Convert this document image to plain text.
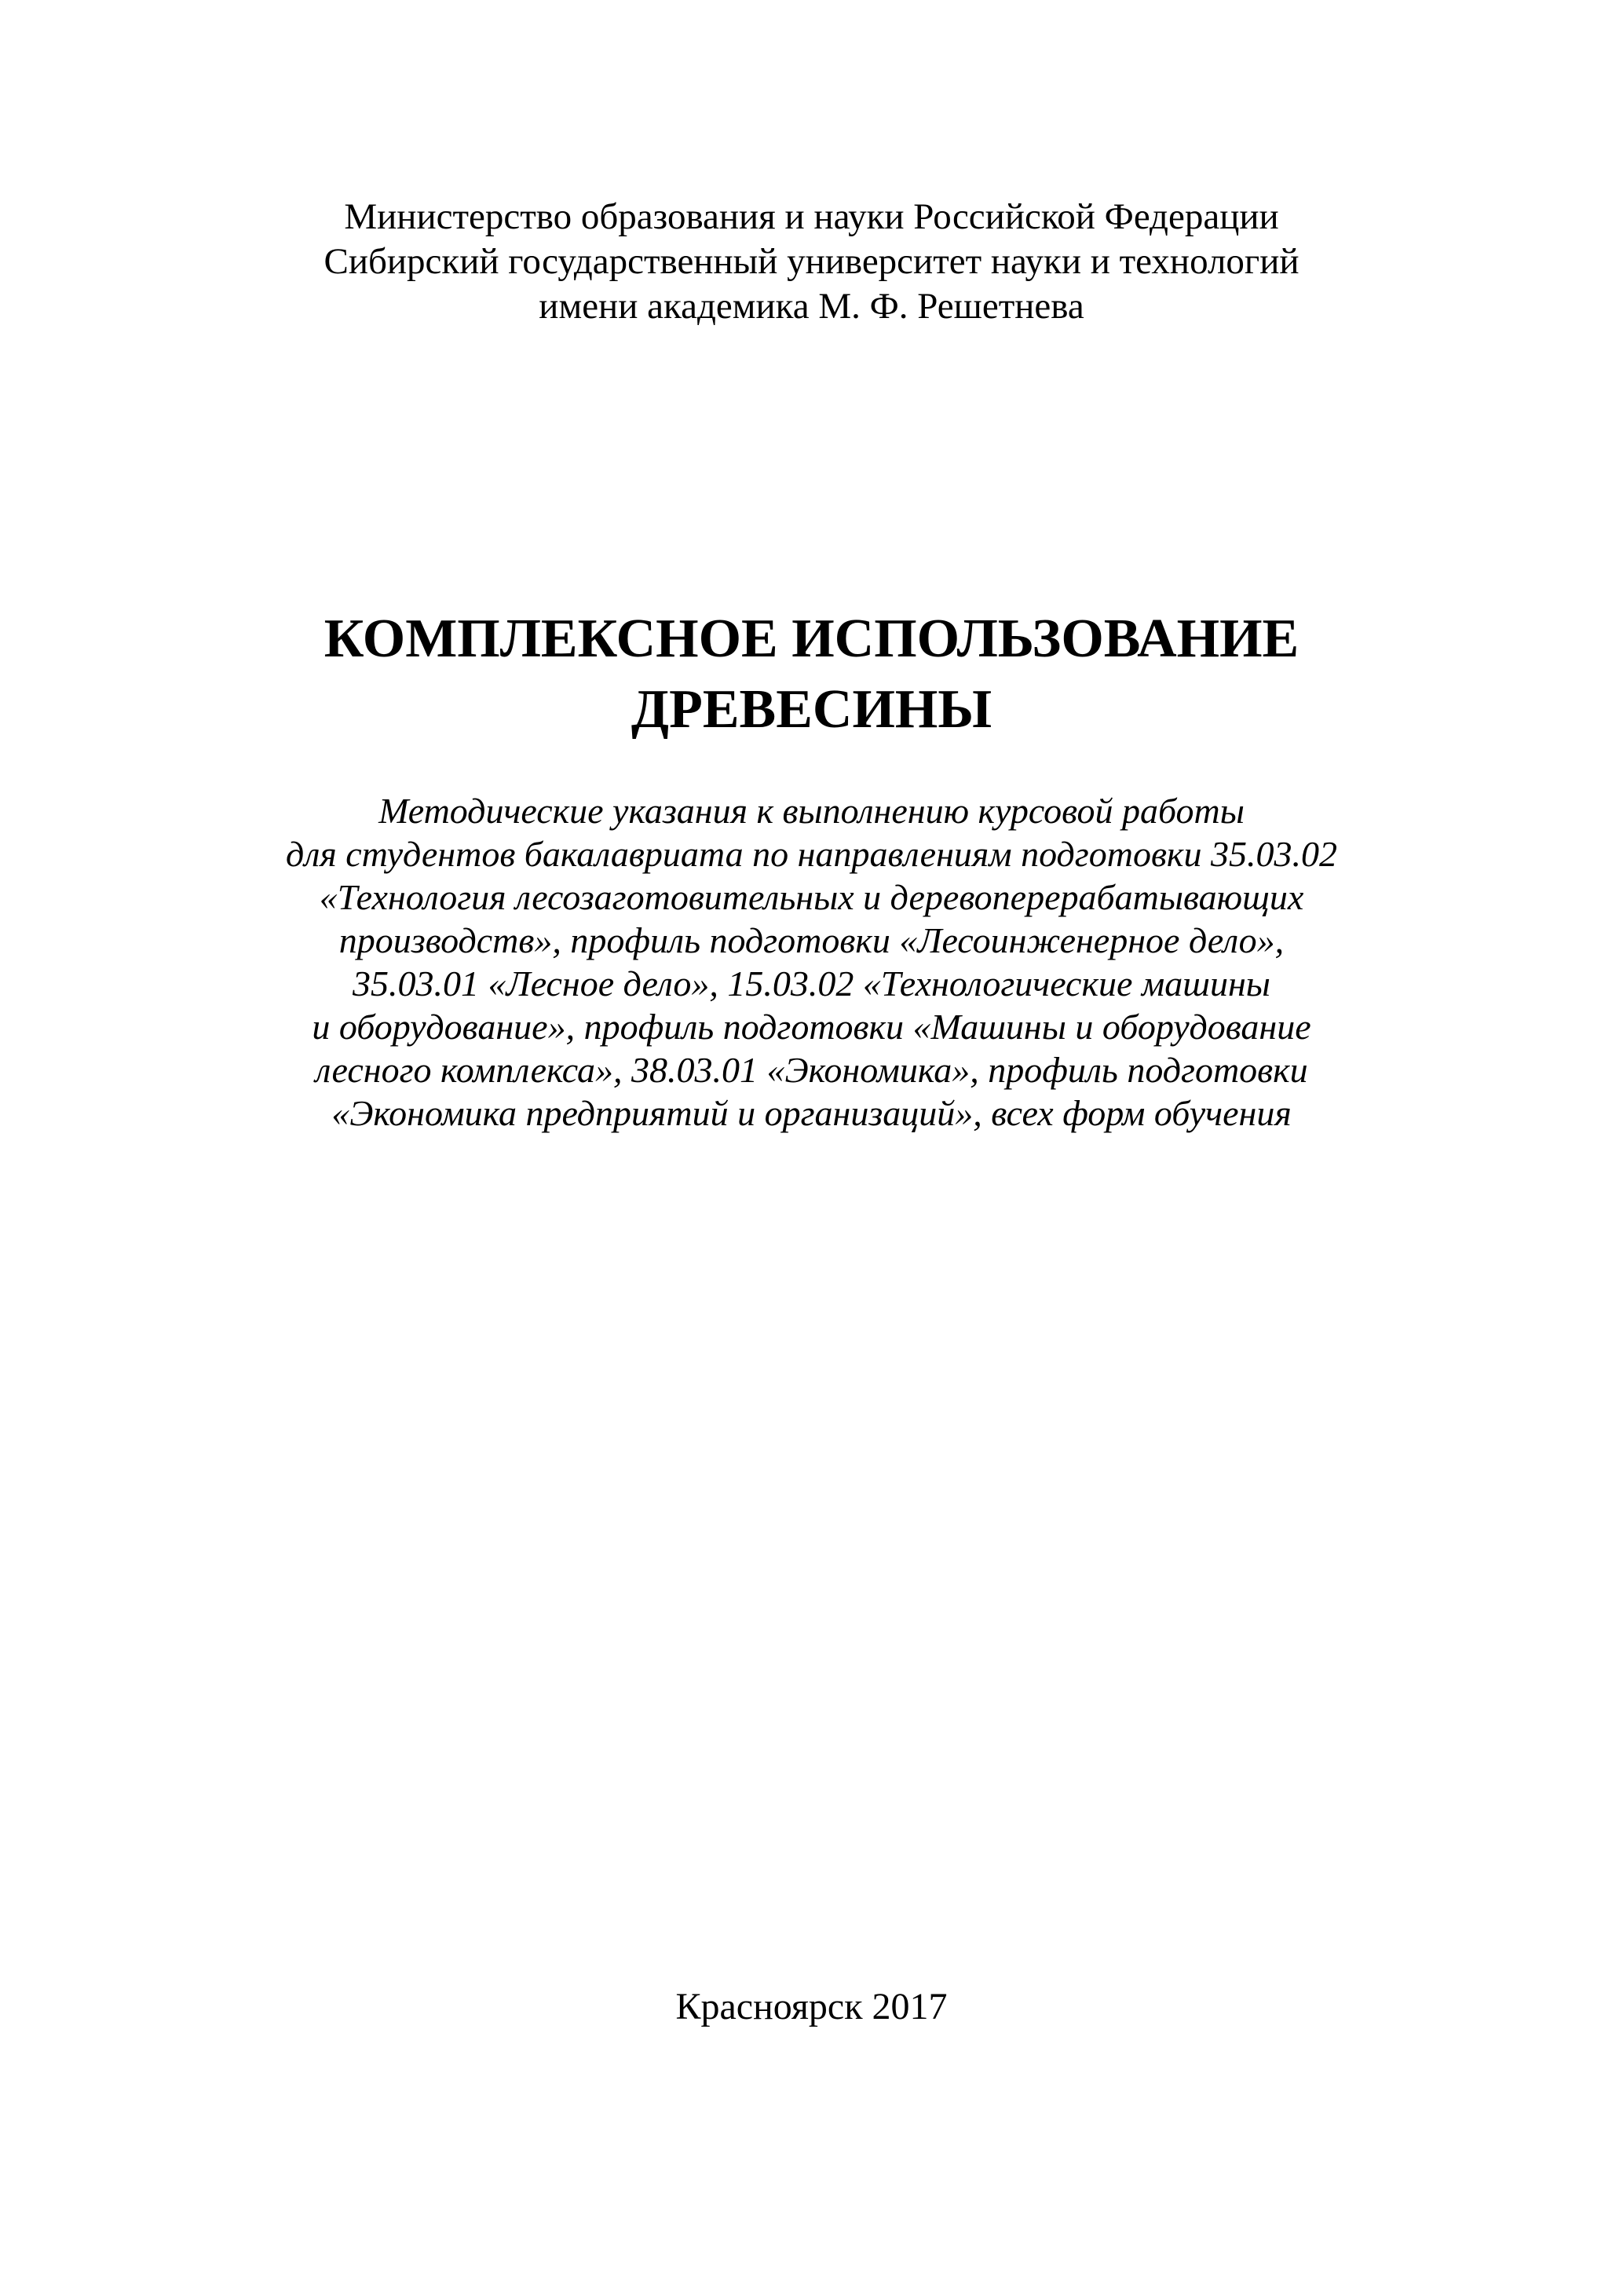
Министерство образования и науки Российской Федерации
Сибирский государственный университет науки и технологий
имени академика М. Ф. Решетнева
КОМПЛЕКСНОЕ ИСПОЛЬЗОВАНИЕ
ДРЕВЕСИНЫ
Методические указания к выполнению курсовой работы
для студентов бакалавриата по направлениям подготовки 35.03.02
«Технология лесозаготовительных и деревоперерабатывающих
производств», профиль подготовки «Лесоинженерное дело»,
35.03.01 «Лесное дело», 15.03.02 «Технологические машины
и оборудование», профиль подготовки «Машины и оборудование
лесного комплекса», 38.03.01 «Экономика», профиль подготовки
«Экономика предприятий и организаций», всех форм обучения
Красноярск 2017
